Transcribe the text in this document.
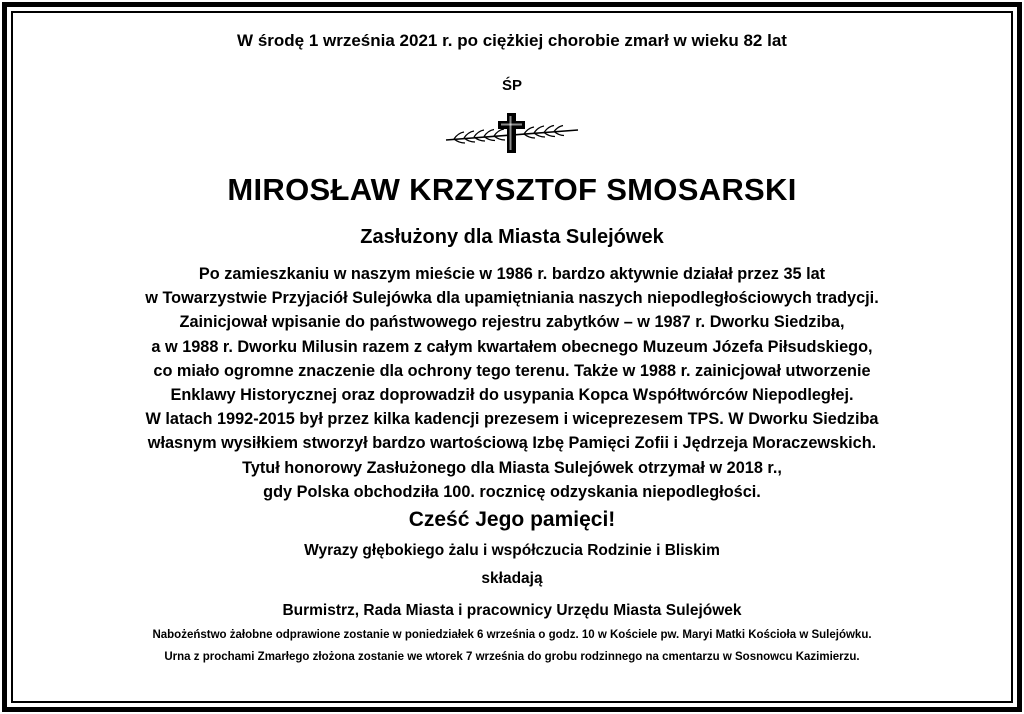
W środę 1 września 2021 r. po ciężkiej chorobie zmarł w wieku 82 lat
ŚP
MIROSŁAW KRZYSZTOF SMOSARSKI
Zasłużony dla Miasta Sulejówek
Po zamieszkaniu w naszym mieście w 1986 r. bardzo aktywnie działał przez 35 lat
w Towarzystwie Przyjaciół Sulejówka dla upamiętniania naszych niepodległościowych tradycji.
Zainicjował wpisanie do państwowego rejestru zabytków – w 1987 r. Dworku Siedziba,
a w 1988 r. Dworku Milusin razem z całym kwartałem obecnego Muzeum Józefa Piłsudskiego,
co miało ogromne znaczenie dla ochrony tego terenu. Także w 1988 r. zainicjował utworzenie
Enklawy Historycznej oraz doprowadził do usypania Kopca Współtwórców Niepodległej.
W latach 1992-2015 był przez kilka kadencji prezesem i wiceprezesem TPS. W Dworku Siedziba
własnym wysiłkiem stworzył bardzo wartościową Izbę Pamięci Zofii i Jędrzeja Moraczewskich.
Tytuł honorowy Zasłużonego dla Miasta Sulejówek otrzymał w 2018 r.,
gdy Polska obchodziła 100. rocznicę odzyskania niepodległości.
Cześć Jego pamięci!
Wyrazy głębokiego żalu i współczucia Rodzinie i Bliskim
składają
Burmistrz, Rada Miasta i pracownicy Urzędu Miasta Sulejówek
Nabożeństwo żałobne odprawione zostanie w poniedziałek 6 września o godz. 10 w Kościele pw. Maryi Matki Kościoła w Sulejówku.
Urna z prochami Zmarłego złożona zostanie we wtorek 7 września do grobu rodzinnego na cmentarzu w Sosnowcu Kazimierzu.
